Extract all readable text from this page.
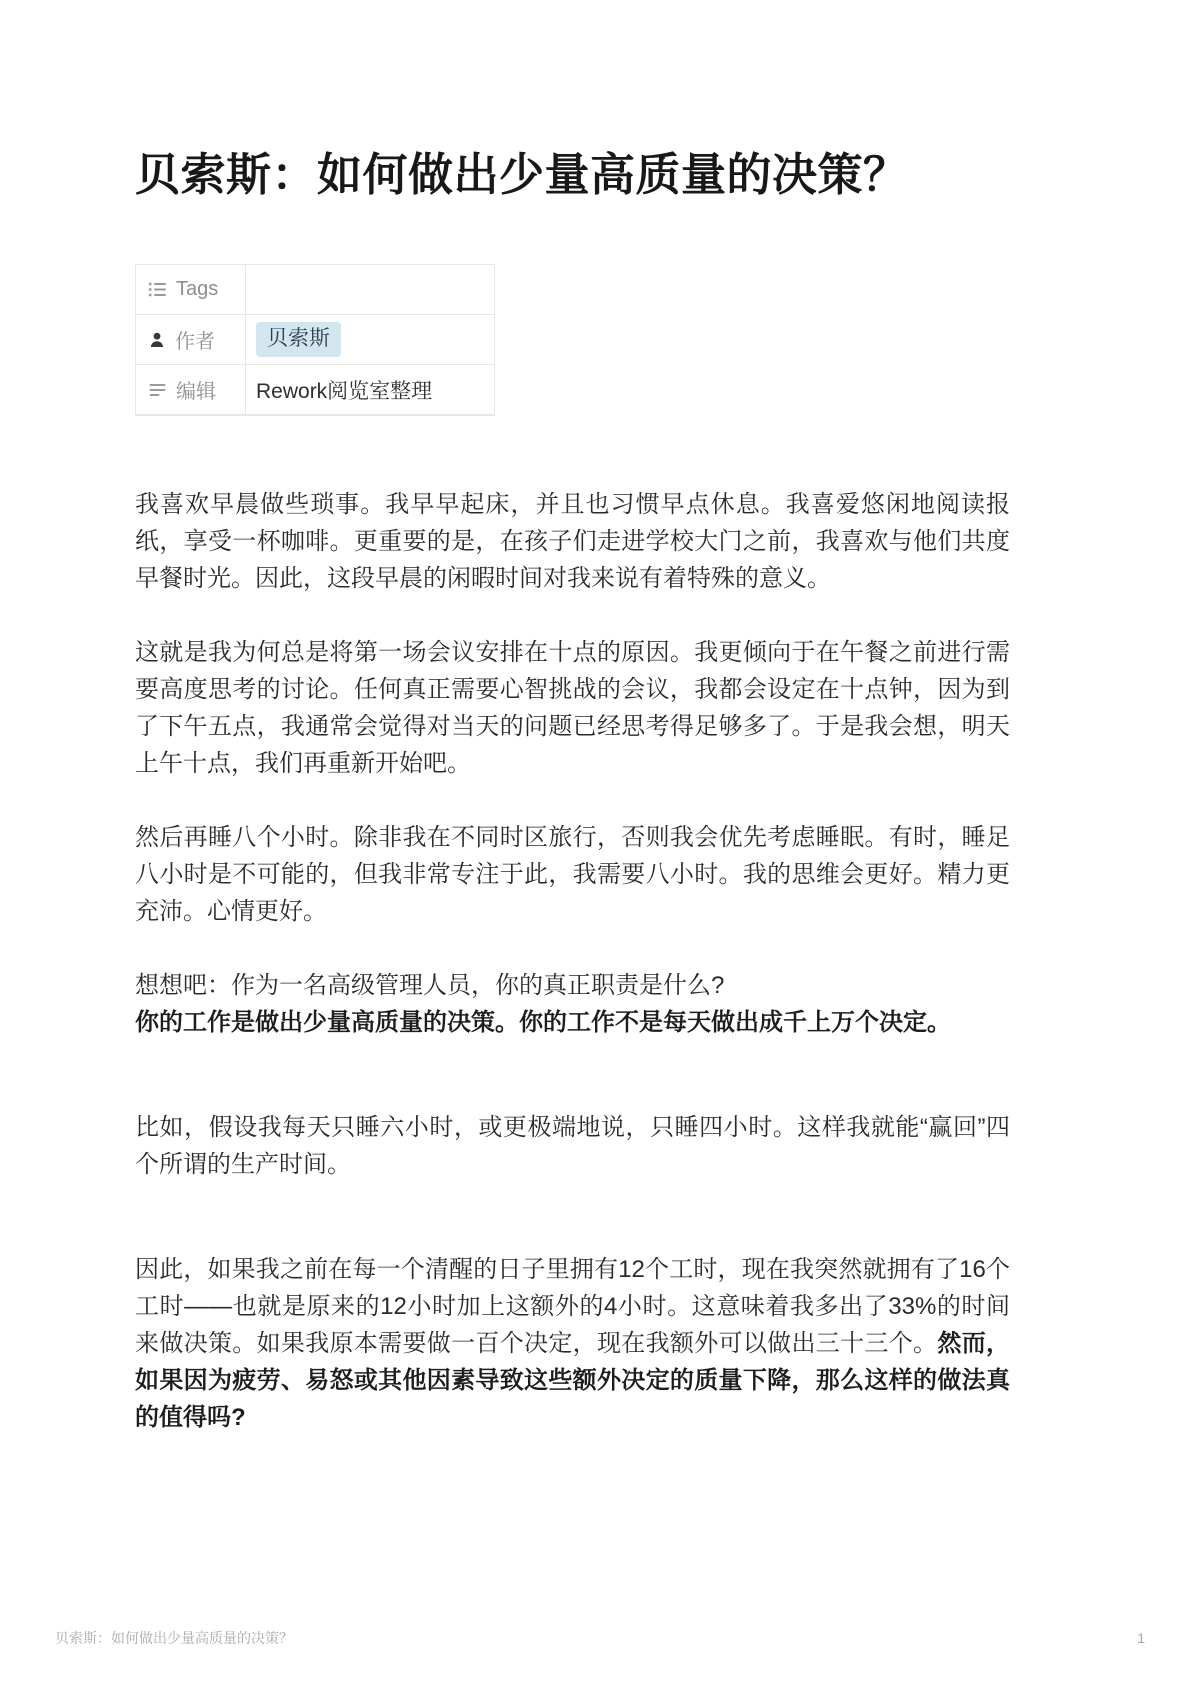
贝索斯：如何做出少量高质量的决策？
Tags
作者	贝索斯
编辑 Rework阅览室整理

我喜欢早晨做些琐事。我早早起床，并且也习惯早点休息。我喜爱悠闲地阅读报纸，享受一杯咖啡。更重要的是，在孩子们走进学校大门之前，我喜欢与他们共度早餐时光。因此，这段早晨的闲暇时间对我来说有着特殊的意义。

这就是我为何总是将第一场会议安排在十点的原因。我更倾向于在午餐之前进行需要高度思考的讨论。任何真正需要心智挑战的会议，我都会设定在十点钟，因为到了下午五点，我通常会觉得对当天的问题已经思考得足够多了。于是我会想，明天上午十点，我们再重新开始吧。

然后再睡八个小时。除非我在不同时区旅行，否则我会优先考虑睡眠。有时，睡足八小时是不可能的，但我非常专注于此，我需要八小时。我的思维会更好。精力更充沛。心情更好。

想想吧：作为一名高级管理人员，你的真正职责是什么?
你的工作是做出少量高质量的决策。你的工作不是每天做出成千上万个决定。

比如，假设我每天只睡六小时，或更极端地说，只睡四小时。这样我就能“赢回”四个所谓的生产时间。

因此，如果我之前在每一个清醒的日子里拥有12个工时，现在我突然就拥有了16个工时——也就是原来的12小时加上这额外的4小时。这意味着我多出了33%的时间来做决策。如果我原本需要做一百个决定，现在我额外可以做出三十三个。然而，如果因为疲劳、易怒或其他因素导致这些额外决定的质量下降，那么这样的做法真的值得吗?

贝索斯：如何做出少量高质量的决策？	1
